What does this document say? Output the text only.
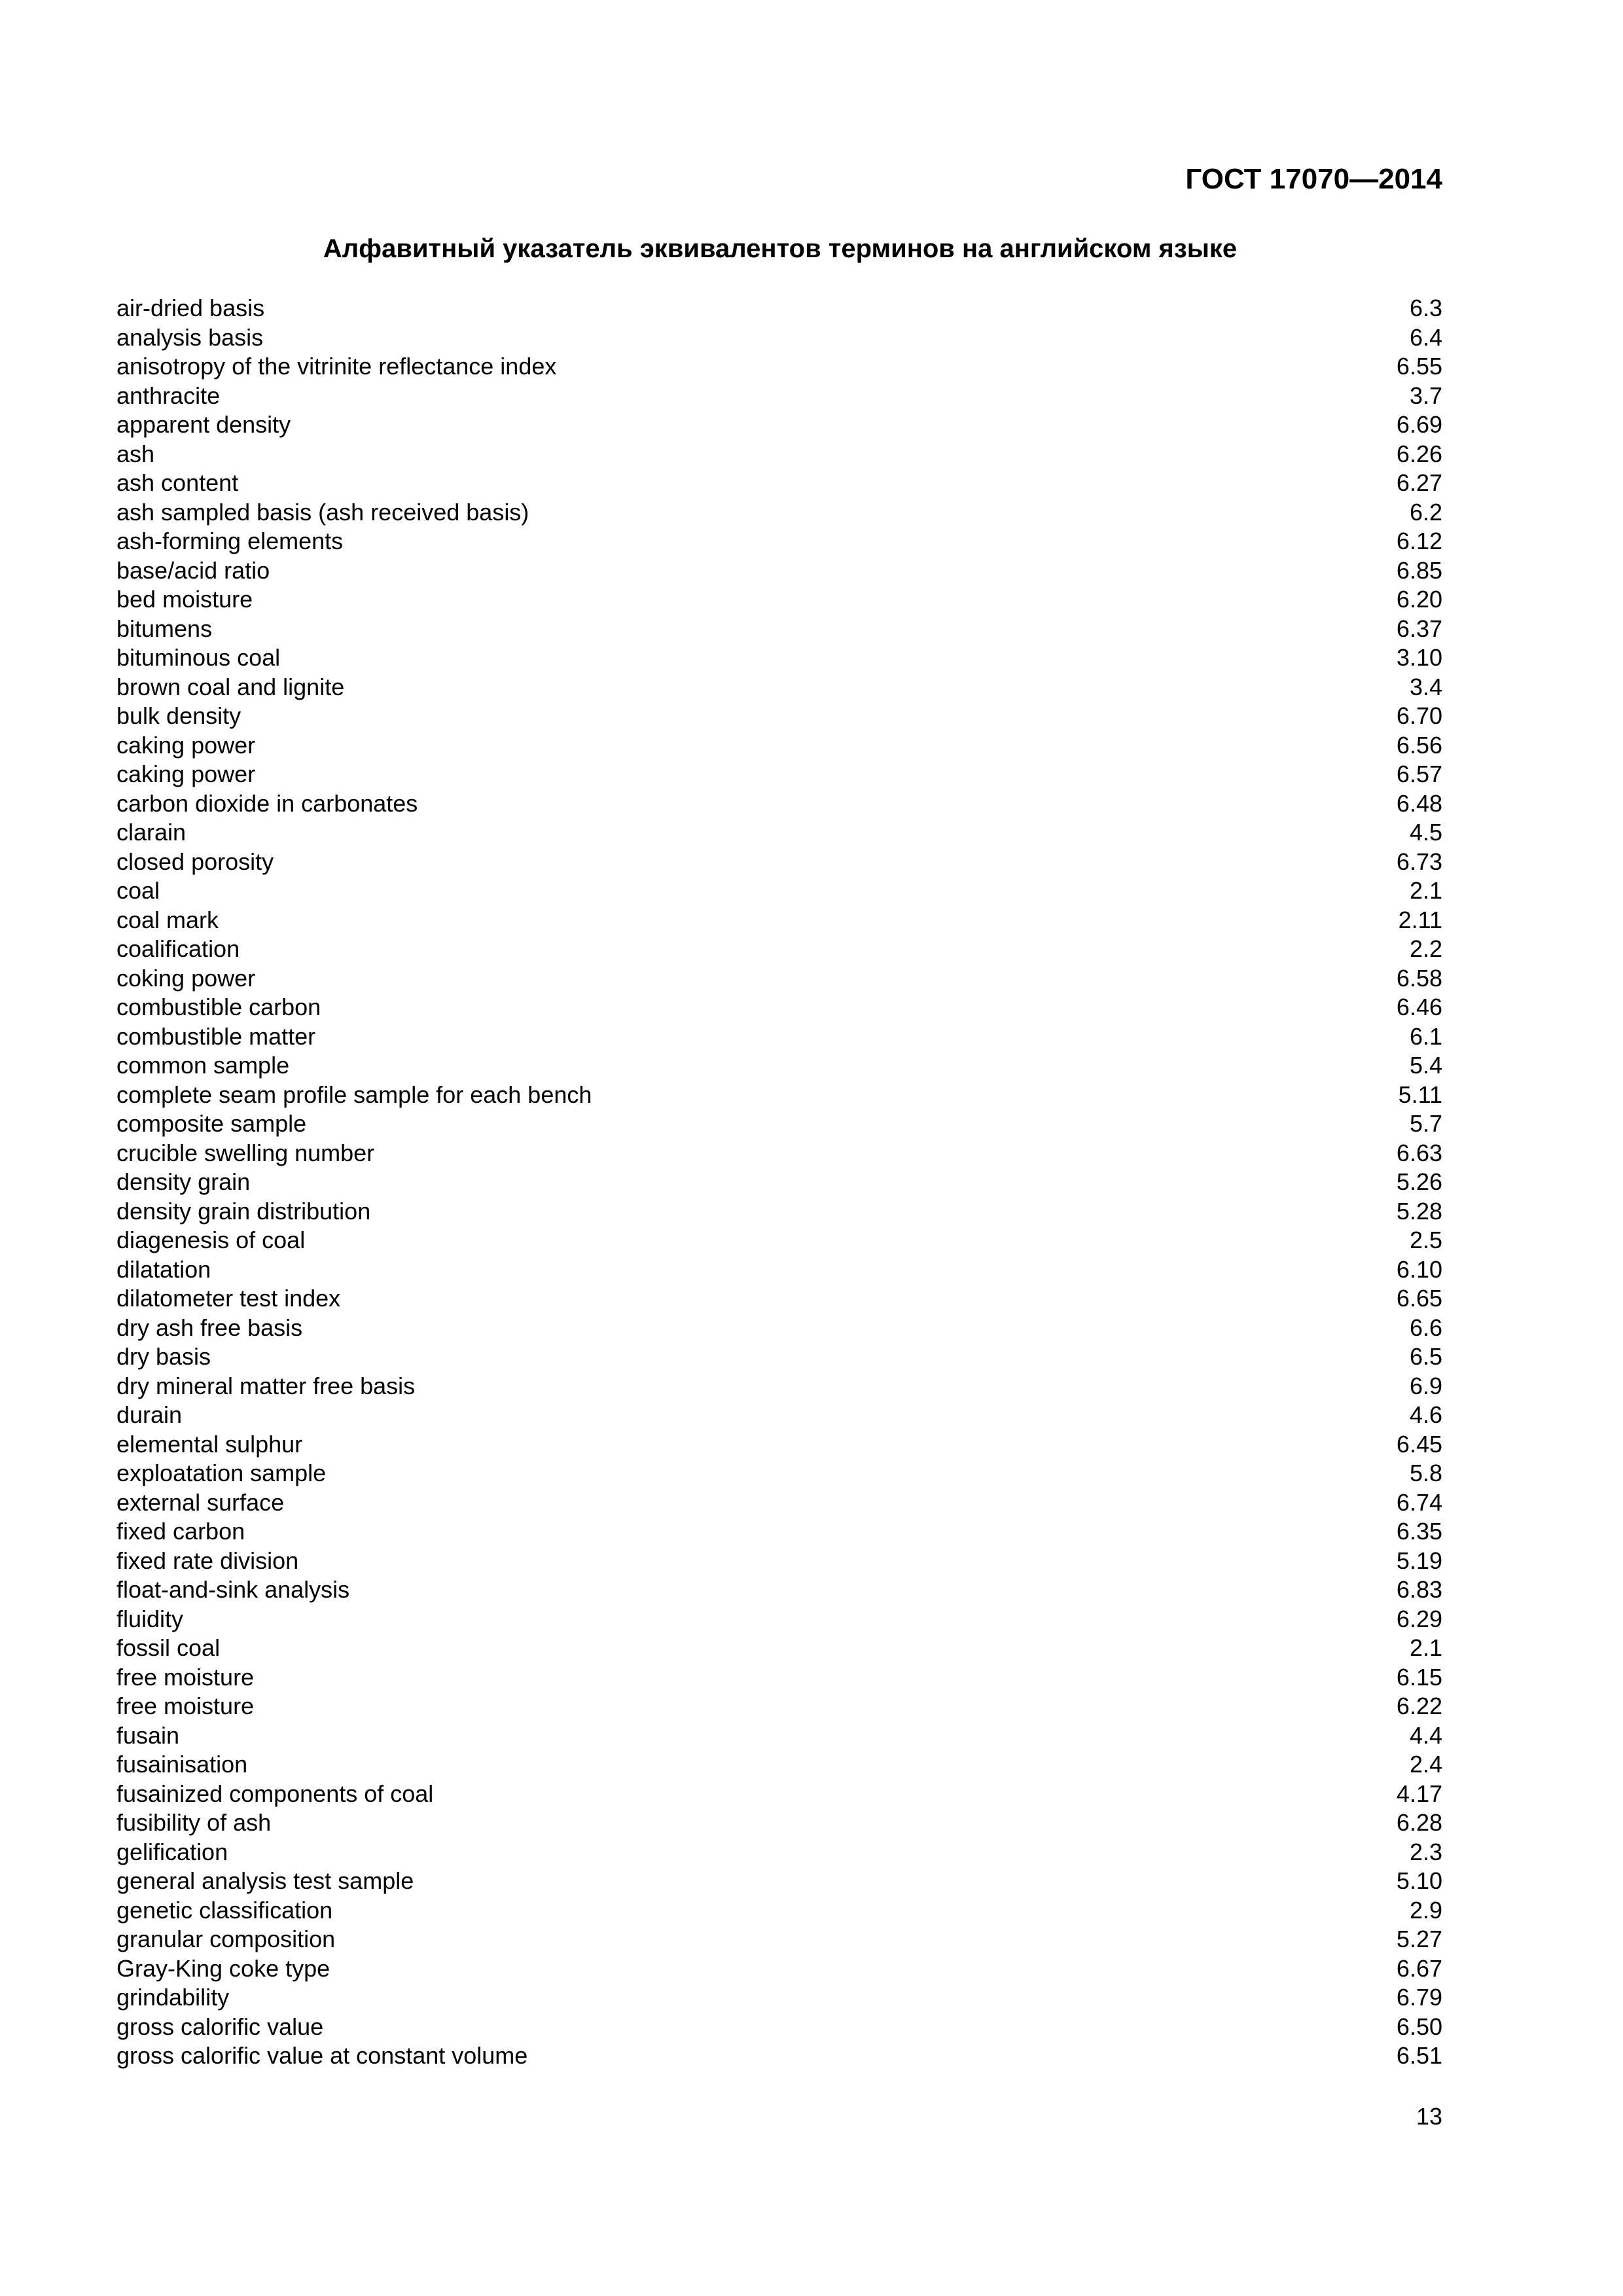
ГОСТ 17070—2014
Алфавитный указатель эквивалентов терминов на английском языке
air-dried basis	6.3
analysis basis	6.4
anisotropy of the vitrinite reflectance index	6.55
anthracite	3.7
apparent density	6.69
ash	6.26
ash content	6.27
ash sampled basis (ash received basis)	6.2
ash-forming elements	6.12
base/acid ratio	6.85
bed moisture	6.20
bitumens	6.37
bituminous coal	3.10
brown coal and lignite	3.4
bulk density	6.70
caking power	6.56
caking power	6.57
carbon dioxide in carbonates	6.48
clarain	4.5
closed porosity	6.73
coal	2.1
coal mark	2.11
coalification	2.2
coking power	6.58
combustible carbon	6.46
combustible matter	6.1
common sample	5.4
complete seam profile sample for each bench	5.11
composite sample	5.7
crucible swelling number	6.63
density grain	5.26
density grain distribution	5.28
diagenesis of coal	2.5
dilatation	6.10
dilatometer test index	6.65
dry ash free basis	6.6
dry basis	6.5
dry mineral matter free basis	6.9
durain	4.6
elemental sulphur	6.45
exploatation sample	5.8
external surface	6.74
fixed carbon	6.35
fixed rate division	5.19
float-and-sink analysis	6.83
fluidity	6.29
fossil coal	2.1
free moisture	6.15
free moisture	6.22
fusain	4.4
fusainisation	2.4
fusainized components of coal	4.17
fusibility of ash	6.28
gelification	2.3
general analysis test sample	5.10
genetic classification	2.9
granular composition	5.27
Gray-King coke type	6.67
grindability	6.79
gross calorific value	6.50
gross calorific value at constant volume	6.51
13
